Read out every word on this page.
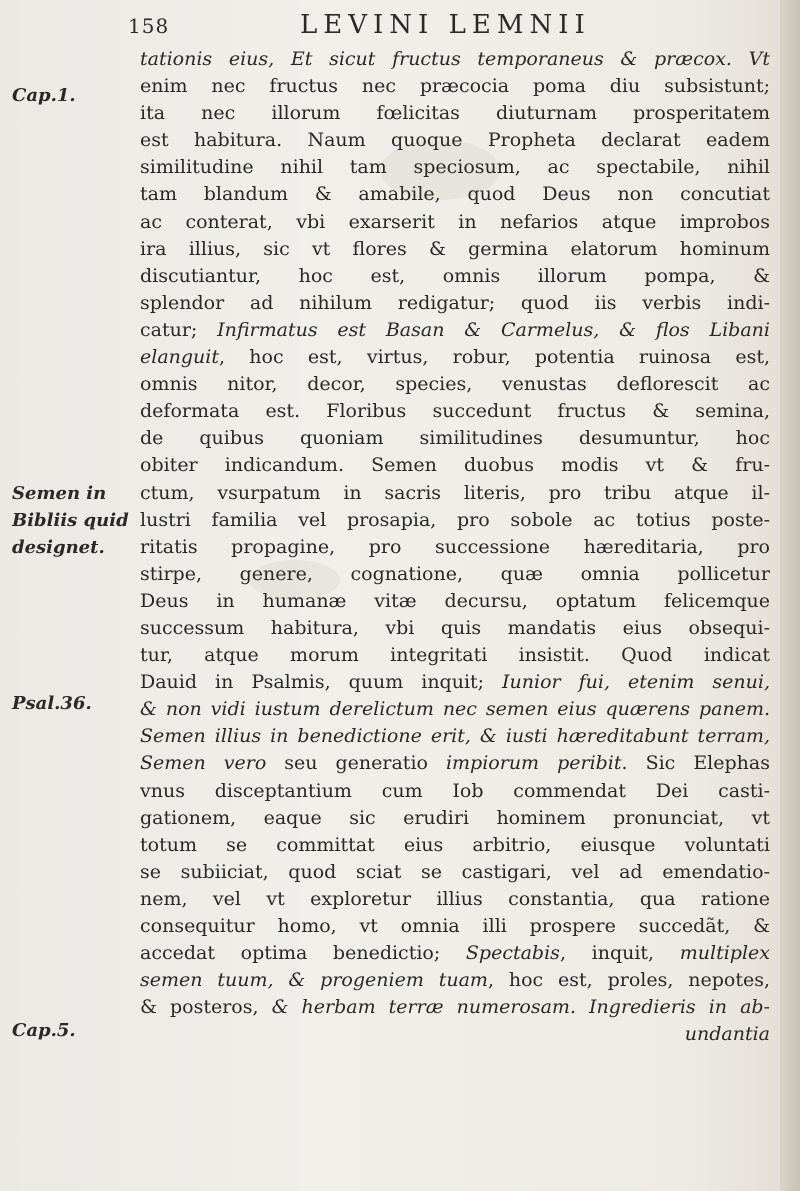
158	LEVINI LEMNII
Cap.1.
Semen in
Bibliis quid
designet.
Psal.36.
Cap.5.
tationis eius, Et sicut fructus temporaneus & præcox. Vt
enim nec fructus nec præcocia poma diu subsistunt;
ita nec illorum fœlicitas diuturnam prosperitatem
est habitura. Naum quoque Propheta declarat eadem
similitudine nihil tam speciosum, ac spectabile, nihil
tam blandum & amabile, quod Deus non concutiat
ac conterat, vbi exarserit in nefarios atque improbos
ira illius, sic vt flores & germina elatorum hominum
discutiantur, hoc est, omnis illorum pompa, &
splendor ad nihilum redigatur; quod iis verbis indi-
catur; Infirmatus est Basan & Carmelus, & flos Libani
elanguit, hoc est, virtus, robur, potentia ruinosa est,
omnis nitor, decor, species, venustas deflorescit ac
deformata est. Floribus succedunt fructus & semina,
de quibus quoniam similitudines desumuntur, hoc
obiter indicandum. Semen duobus modis vt & fru-
ctum, vsurpatum in sacris literis, pro tribu atque il-
lustri familia vel prosapia, pro sobole ac totius poste-
ritatis propagine, pro successione hæreditaria, pro
stirpe, genere, cognatione, quæ omnia pollicetur
Deus in humanæ vitæ decursu, optatum felicemque
successum habitura, vbi quis mandatis eius obsequi-
tur, atque morum integritati insistit. Quod indicat
Dauid in Psalmis, quum inquit; Iunior fui, etenim senui,
& non vidi iustum derelictum nec semen eius quærens panem.
Semen illius in benedictione erit, & iusti hæreditabunt terram,
Semen vero seu generatio impiorum peribit. Sic Elephas
vnus disceptantium cum Iob commendat Dei casti-
gationem, eaque sic erudiri hominem pronunciat, vt
totum se committat eius arbitrio, eiusque voluntati
se subiiciat, quod sciat se castigari, vel ad emendatio-
nem, vel vt exploretur illius constantia, qua ratione
consequitur homo, vt omnia illi prospere succedãt, &
accedat optima benedictio; Spectabis, inquit, multiplex
semen tuum, & progeniem tuam, hoc est, proles, nepotes,
& posteros, & herbam terræ numerosam. Ingredieris in ab-
undantia
